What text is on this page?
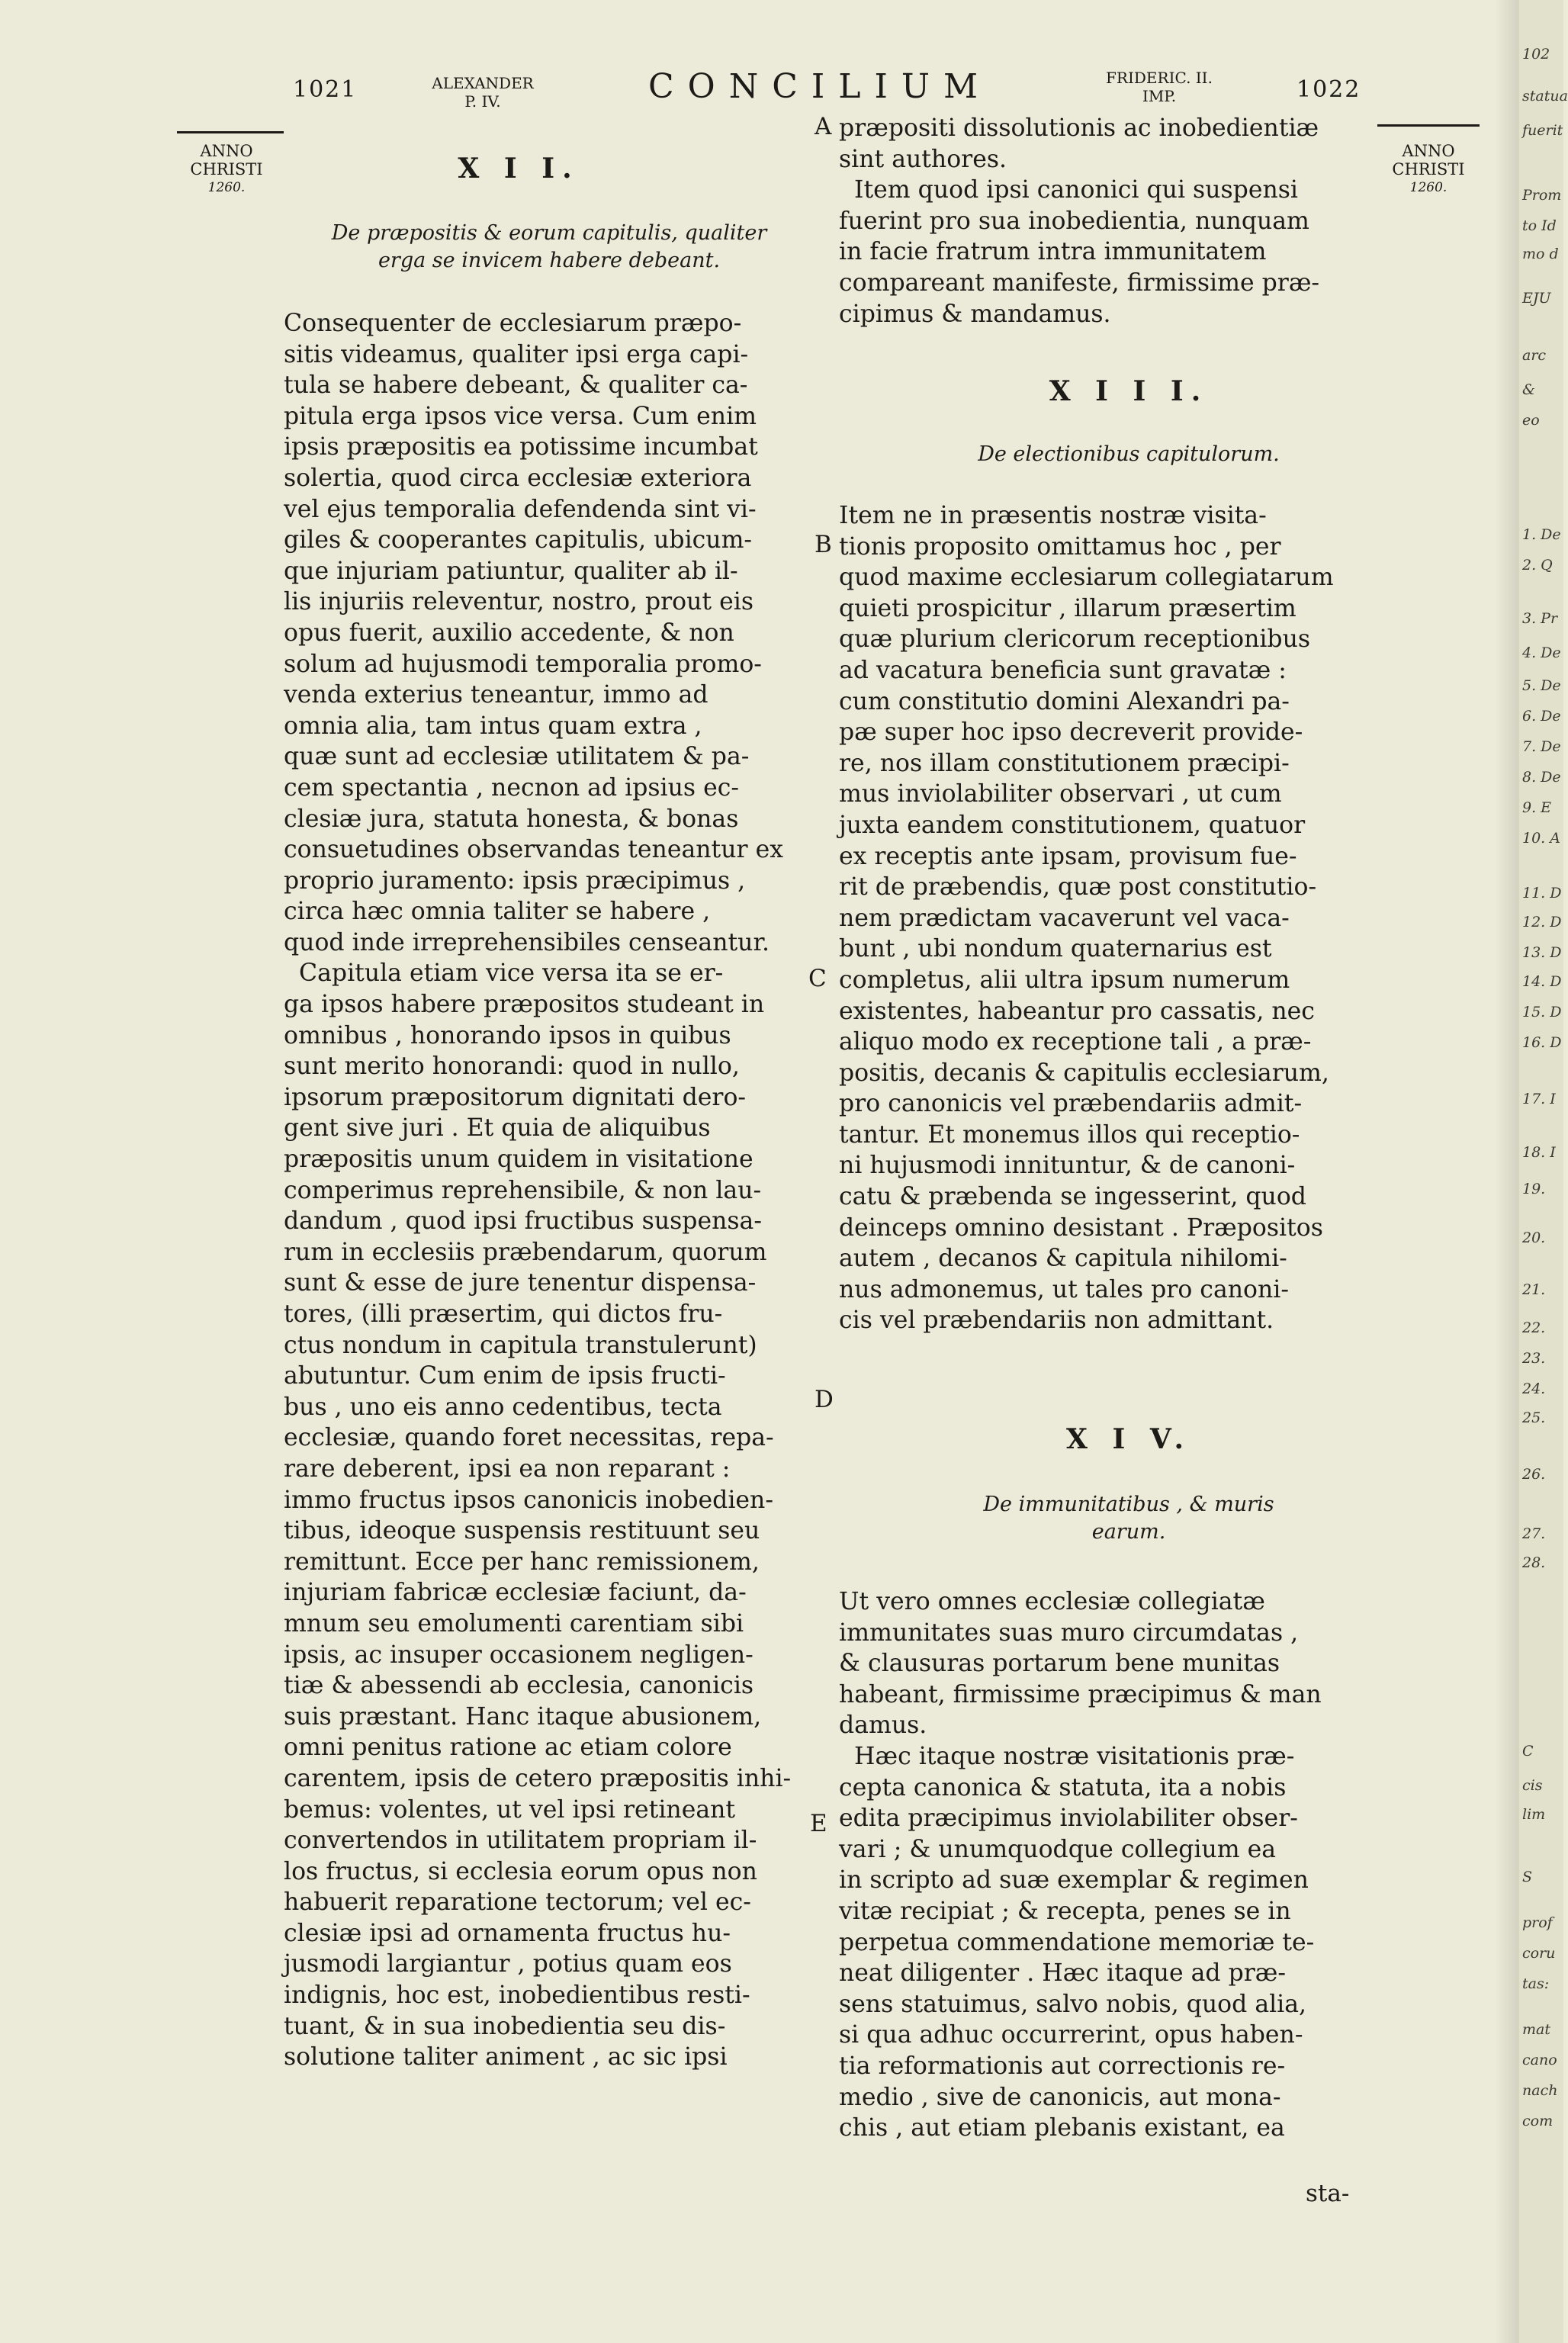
1021	ALEXANDER
P. IV.	CONCILIUM	FRIDERIC. II.
IMP.	1022
ANNO
CHRISTI
1260.
ANNO
CHRISTI
1260.
X I I.
De præpositis & eorum capitulis, qualiter
erga se invicem habere debeant.
Consequenter de ecclesiarum præpo-
sitis videamus, qualiter ipsi erga capi-
tula se habere debeant, & qualiter ca-
pitula erga ipsos vice versa. Cum enim
ipsis præpositis ea potissime incumbat
solertia, quod circa ecclesiæ exteriora
vel ejus temporalia defendenda sint vi-
giles & cooperantes capitulis, ubicum-
que injuriam patiuntur, qualiter ab il-
lis injuriis releventur, nostro, prout eis
opus fuerit, auxilio accedente, & non
solum ad hujusmodi temporalia promo-
venda exterius teneantur, immo ad
omnia alia, tam intus quam extra ,
quæ sunt ad ecclesiæ utilitatem & pa-
cem spectantia , necnon ad ipsius ec-
clesiæ jura, statuta honesta, & bonas
consuetudines observandas teneantur ex
proprio juramento: ipsis præcipimus ,
circa hæc omnia taliter se habere ,
quod inde irreprehensibiles censeantur.
Capitula etiam vice versa ita se er-
ga ipsos habere præpositos studeant in
omnibus , honorando ipsos in quibus
sunt merito honorandi: quod in nullo,
ipsorum præpositorum dignitati dero-
gent sive juri . Et quia de aliquibus
præpositis unum quidem in visitatione
comperimus reprehensibile, & non lau-
dandum , quod ipsi fructibus suspensa-
rum in ecclesiis præbendarum, quorum
sunt & esse de jure tenentur dispensa-
tores, (illi præsertim, qui dictos fru-
ctus nondum in capitula transtulerunt)
abutuntur. Cum enim de ipsis fructi-
bus , uno eis anno cedentibus, tecta
ecclesiæ, quando foret necessitas, repa-
rare deberent, ipsi ea non reparant :
immo fructus ipsos canonicis inobedien-
tibus, ideoque suspensis restituunt seu
remittunt. Ecce per hanc remissionem,
injuriam fabricæ ecclesiæ faciunt, da-
mnum seu emolumenti carentiam sibi
ipsis, ac insuper occasionem negligen-
tiæ & abessendi ab ecclesia, canonicis
suis præstant. Hanc itaque abusionem,
omni penitus ratione ac etiam colore
carentem, ipsis de cetero præpositis inhi-
bemus: volentes, ut vel ipsi retineant
convertendos in utilitatem propriam il-
los fructus, si ecclesia eorum opus non
habuerit reparatione tectorum; vel ec-
clesiæ ipsi ad ornamenta fructus hu-
jusmodi largiantur , potius quam eos
indignis, hoc est, inobedientibus resti-
tuant, & in sua inobedientia seu dis-
solutione taliter animent , ac sic ipsi
A
B
C
D
E
præpositi dissolutionis ac inobedientiæ
sint authores.
Item quod ipsi canonici qui suspensi
fuerint pro sua inobedientia, nunquam
in facie fratrum intra immunitatem
compareant manifeste, firmissime præ-
cipimus & mandamus.
X I I I.
De electionibus capitulorum.
Item ne in præsentis nostræ visita-
tionis proposito omittamus hoc , per
quod maxime ecclesiarum collegiatarum
quieti prospicitur , illarum præsertim
quæ plurium clericorum receptionibus
ad vacatura beneficia sunt gravatæ :
cum constitutio domini Alexandri pa-
pæ super hoc ipso decreverit provide-
re, nos illam constitutionem præcipi-
mus inviolabiliter observari , ut cum
juxta eandem constitutionem, quatuor
ex receptis ante ipsam, provisum fue-
rit de præbendis, quæ post constitutio-
nem prædictam vacaverunt vel vaca-
bunt , ubi nondum quaternarius est
completus, alii ultra ipsum numerum
existentes, habeantur pro cassatis, nec
aliquo modo ex receptione tali , a præ-
positis, decanis & capitulis ecclesiarum,
pro canonicis vel præbendariis admit-
tantur. Et monemus illos qui receptio-
ni hujusmodi innituntur, & de canoni-
catu & præbenda se ingesserint, quod
deinceps omnino desistant . Præpositos
autem , decanos & capitula nihilomi-
nus admonemus, ut tales pro canoni-
cis vel præbendariis non admittant.
X I V.
De immunitatibus , & muris
earum.
Ut vero omnes ecclesiæ collegiatæ
immunitates suas muro circumdatas ,
& clausuras portarum bene munitas
habeant, firmissime præcipimus & man
damus.
Hæc itaque nostræ visitationis præ-
cepta canonica & statuta, ita a nobis
edita præcipimus inviolabiliter obser-
vari ; & unumquodque collegium ea
in scripto ad suæ exemplar & regimen
vitæ recipiat ; & recepta, penes se in
perpetua commendatione memoriæ te-
neat diligenter . Hæc itaque ad præ-
sens statuimus, salvo nobis, quod alia,
si qua adhuc occurrerint, opus haben-
tia reformationis aut correctionis re-
medio , sive de canonicis, aut mona-
chis , aut etiam plebanis existant, ea
sta-
102
statua
fuerit
Prom
to Id
mo d
EJU
arc
&
eo
1. De
2. Q
3. Pr
4. De
5. De
6. De
7. De
8. De
9. E
10. A
11. D
12. D
13. D
14. D
15. D
16. D
17. I
18. I
19.
20.
21.
22.
23.
24.
25.
26.
27.
28.
C
cis
lim
S
prof
coru
tas:
mat
cano
nach
com
